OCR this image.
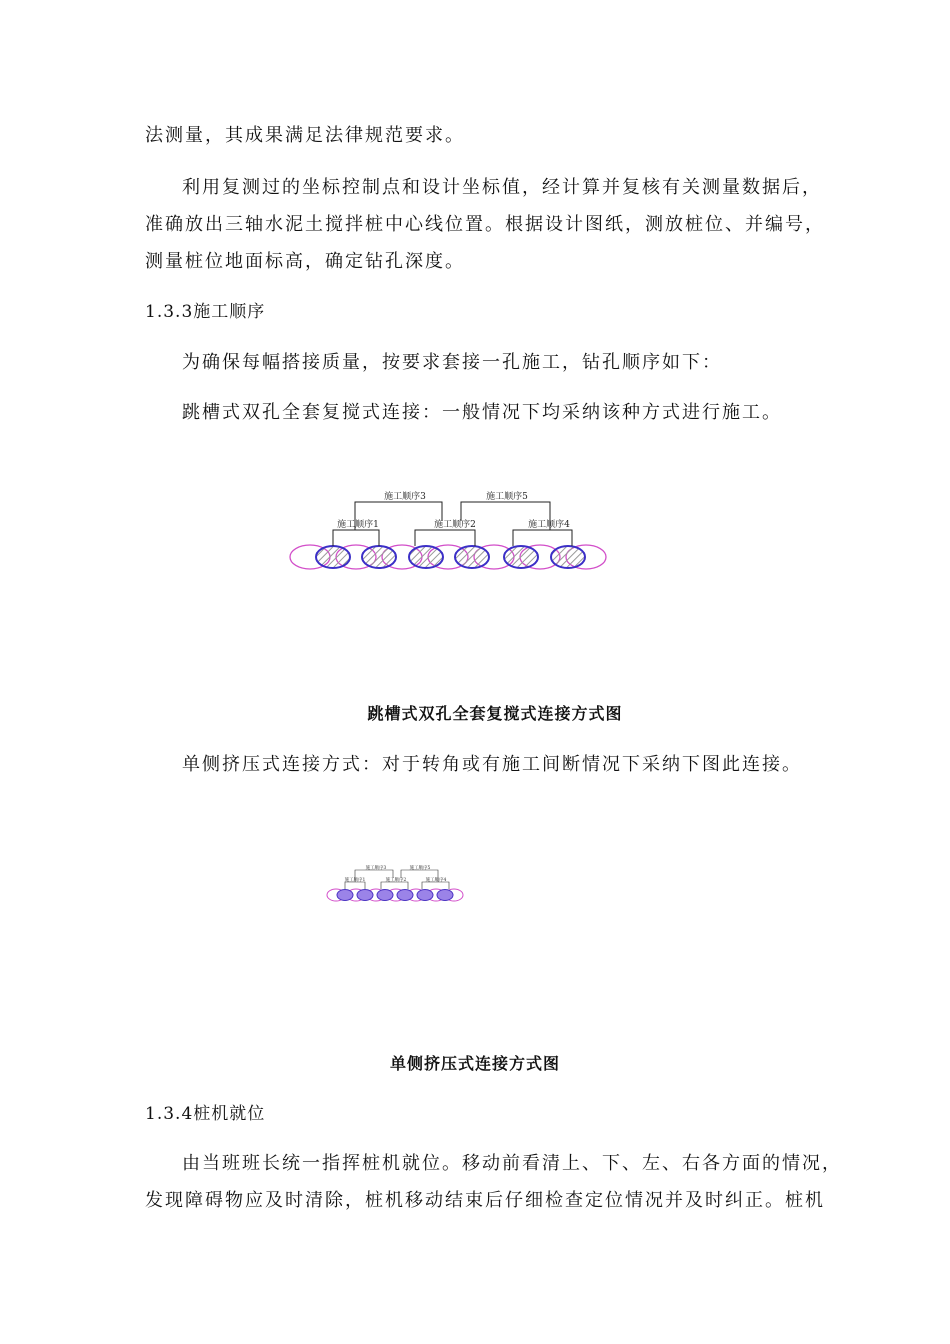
法测量，其成果满足法律规范要求。
利用复测过的坐标控制点和设计坐标值，经计算并复核有关测量数据后，
准确放出三轴水泥土搅拌桩中心线位置。根据设计图纸，测放桩位、并编号，
测量桩位地面标高，确定钻孔深度。
1.3.3施工顺序
为确保每幅搭接质量，按要求套接一孔施工，钻孔顺序如下：
跳槽式双孔全套复搅式连接：一般情况下均采纳该种方式进行施工。
施工顺序3	施工顺序5
施工顺序1	施工顺序2	施工顺序4
跳槽式双孔全套复搅式连接方式图
单侧挤压式连接方式：对于转角或有施工间断情况下采纳下图此连接。
施工顺序3	施工顺序5
施工顺序1	施工顺序2	施工顺序4
单侧挤压式连接方式图
1.3.4桩机就位
由当班班长统一指挥桩机就位。移动前看清上、下、左、右各方面的情况，
发现障碍物应及时清除，桩机移动结束后仔细检查定位情况并及时纠正。桩机
